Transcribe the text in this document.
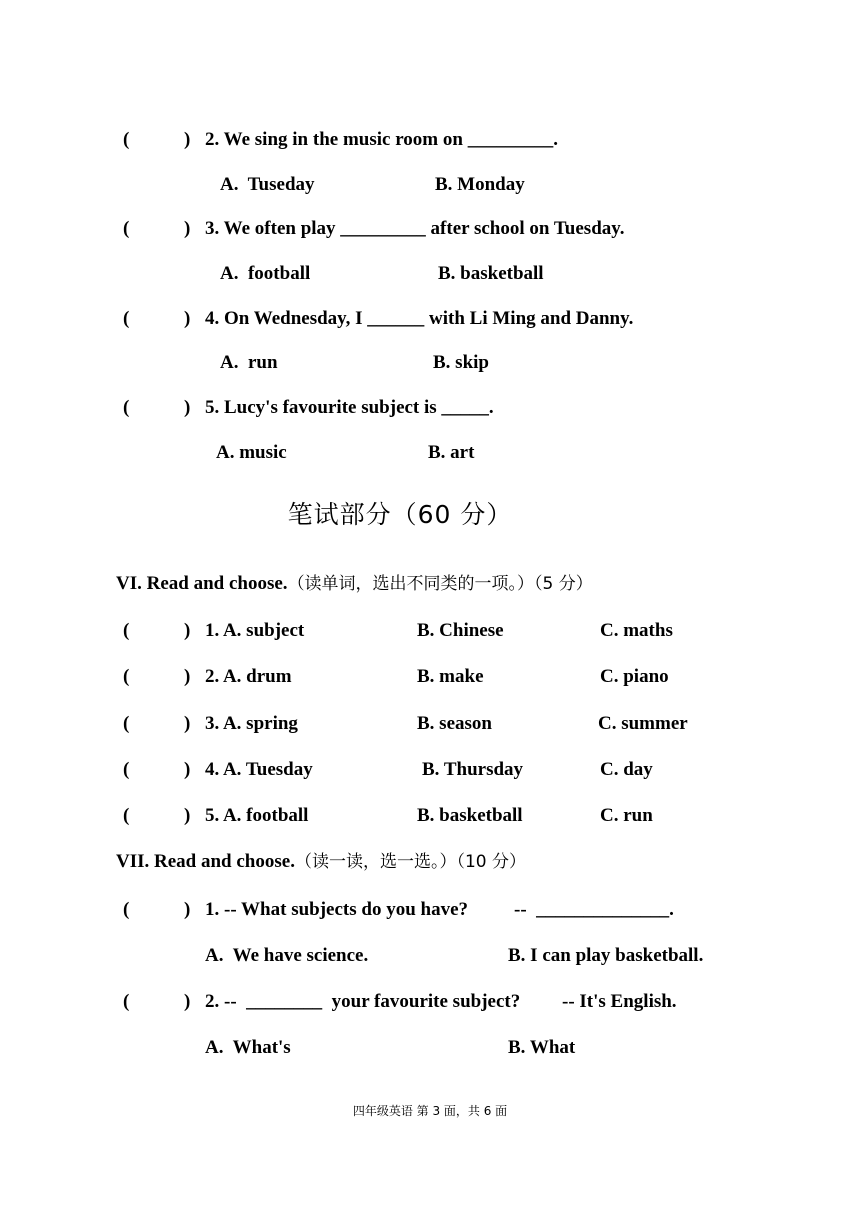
(	) 2. We sing in the music room on _________.
A.  Tuseday	B. Monday
(	) 3. We often play _________ after school on Tuesday.
A.  football	B. basketball
(	) 4. On Wednesday, I ______ with Li Ming and Danny.
A.  run	B. skip
(	) 5. Lucy's favourite subject is _____.
A. music	B. art
笔试部分（60 分）
VI. Read and choose.（读单词，选出不同类的一项。）（5 分）
(	) 1. A. subject	B. Chinese	C. maths
(	) 2. A. drum	B. make	C. piano
(	) 3. A. spring	B. season	C. summer
(	) 4. A. Tuesday	B. Thursday	C. day
(	) 5. A. football	B. basketball	C. run
VII. Read and choose.（读一读，选一选。）（10 分）
(	) 1. -- What subjects do you have? --  ______________.
A.  We have science.	B. I can play basketball.
(	) 2. --  ________  your favourite subject? -- It's English.
A.  What's	B. What
四年级英语 第 3 面，共 6 面
